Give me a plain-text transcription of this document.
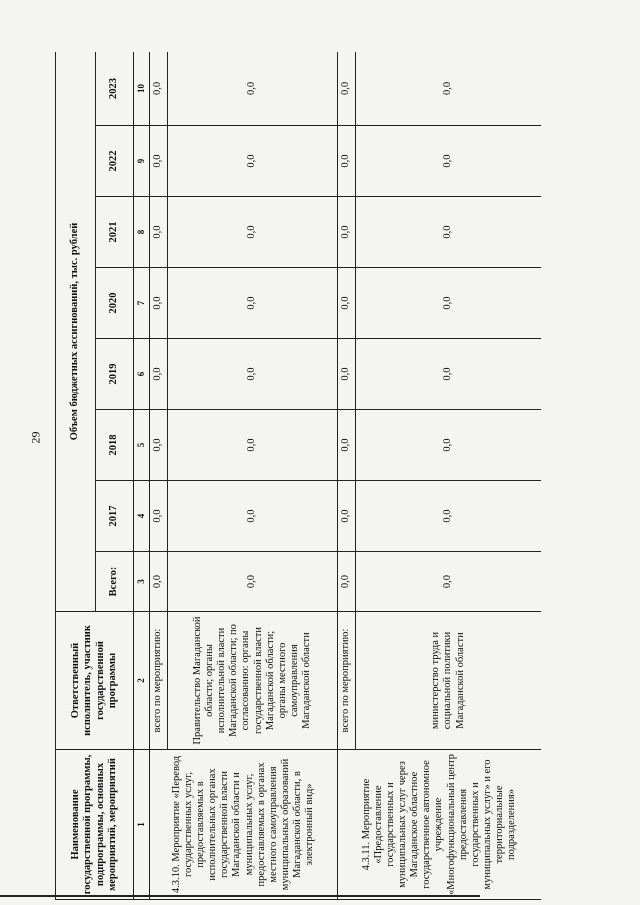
29
Наименование государственной программы, подпрограммы, основных мероприятий, мероприятий	Ответственный исполнитель, участник государственной программы	Объем бюджетных ассигнований, тыс. рублей							
		Всего:	2017	2018	2019	2020	2021	2022	2023
1	2	3	4	5	6	7	8	9	10
4.3.10. Мероприятие «Перевод государственных услуг, предоставляемых в исполнительных органах государственной власти Магаданской области и муниципальных услуг, предоставляемых в органах местного самоуправления муниципальных образований Магаданской области, в электронный вид»	всего по мероприятию:	0,0	0,0	0,0	0,0	0,0	0,0	0,0	0,0
	Правительство Магаданской области; органы исполнительной власти Магаданской области; по согласованию: органы государственной власти Магаданской области; органы местного самоуправления Магаданской области	0,0	0,0	0,0	0,0	0,0	0,0	0,0	0,0
4.3.11. Мероприятие «Предоставление государственных и муниципальных услуг через Магаданское областное государственное автономное учреждение «Многофункциональный центр предоставления государственных и муниципальных услуг» и его территориальные подразделения»	всего по мероприятию:	0,0	0,0	0,0	0,0	0,0	0,0	0,0	0,0
	министерство труда и социальной политики Магаданской области	0,0	0,0	0,0	0,0	0,0	0,0	0,0	0,0
